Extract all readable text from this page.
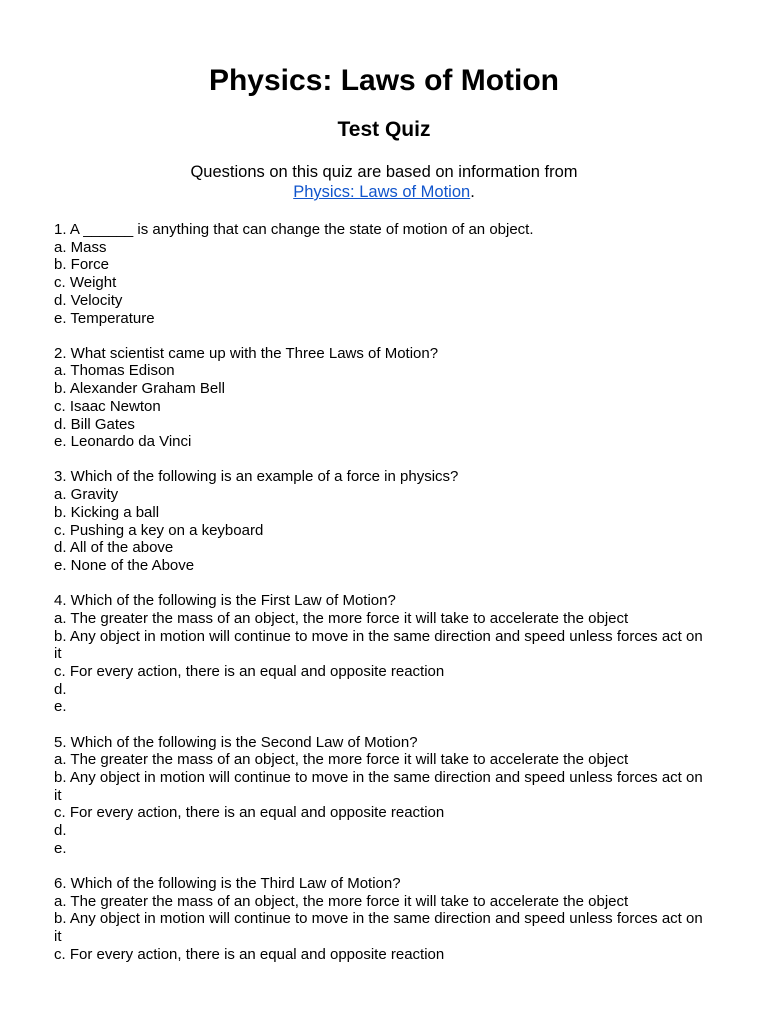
Physics: Laws of Motion
Test Quiz

Questions on this quiz are based on information from
Physics: Laws of Motion.

1. A ______ is anything that can change the state of motion of an object.

a. Mass

b. Force

c. Weight

d. Velocity

e. Temperature

2. What scientist came up with the Three Laws of Motion?

a. Thomas Edison

b. Alexander Graham Bell

c. Isaac Newton

d. Bill Gates

e. Leonardo da Vinci

3. Which of the following is an example of a force in physics?

a. Gravity

b. Kicking a ball

c. Pushing a key on a keyboard

d. All of the above

e. None of the Above

4. Which of the following is the First Law of Motion?

a. The greater the mass of an object, the more force it will take to accelerate the object

b. Any object in motion will continue to move in the same direction and speed unless forces act on it

c. For every action, there is an equal and opposite reaction

d.

e.

5. Which of the following is the Second Law of Motion?

a. The greater the mass of an object, the more force it will take to accelerate the object

b. Any object in motion will continue to move in the same direction and speed unless forces act on it

c. For every action, there is an equal and opposite reaction

d.

e.

6. Which of the following is the Third Law of Motion?

a. The greater the mass of an object, the more force it will take to accelerate the object

b. Any object in motion will continue to move in the same direction and speed unless forces act on it

c. For every action, there is an equal and opposite reaction
